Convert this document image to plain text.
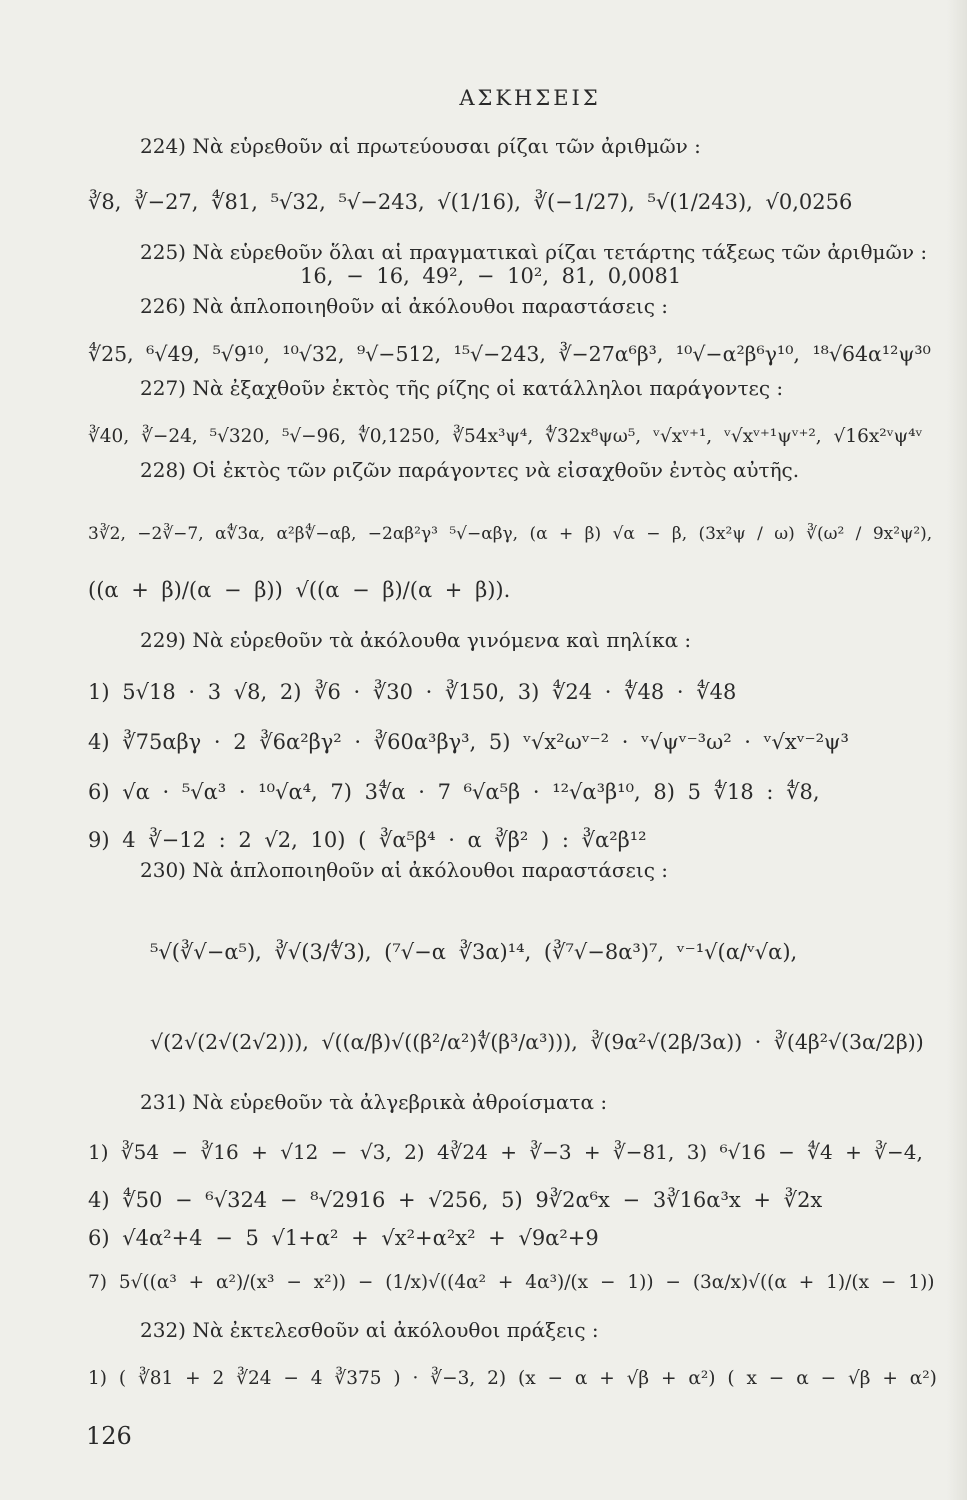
ΑΣΚΗΣΕΙΣ
224) Νὰ εὑρεθοῦν αἱ πρωτεύουσαι ρίζαι τῶν ἀριθμῶν :
∛8, ∛−27, ∜81, ⁵√32, ⁵√−243, √(1/16), ∛(−1/27), ⁵√(1/243), √0,0256
225) Νὰ εὑρεθοῦν ὅλαι αἱ πραγματικαὶ ρίζαι τετάρτης τάξεως τῶν ἀριθμῶν :
16, − 16, 49², − 10², 81, 0,0081
226) Νὰ ἁπλοποιηθοῦν αἱ ἀκόλουθοι παραστάσεις :
∜25, ⁶√49, ⁵√9¹⁰, ¹⁰√32, ⁹√−512, ¹⁵√−243, ∛−27α⁶β³, ¹⁰√−α²β⁶γ¹⁰, ¹⁸√64α¹²ψ³⁰
227) Νὰ ἐξαχθοῦν ἐκτὸς τῆς ρίζης οἱ κατάλληλοι παράγοντες :
∛40, ∛−24, ⁵√320, ⁵√−96, ∜0,1250, ∛54x³ψ⁴, ∜32x⁸ψω⁵, ᵛ√xᵛ⁺¹, ᵛ√xᵛ⁺¹ψᵛ⁺², √16x²ᵛψ⁴ᵛ
228) Οἱ ἐκτὸς τῶν ριζῶν παράγοντες νὰ εἰσαχθοῦν ἐντὸς αὐτῆς.
3∛2, −2∛−7, α∜3α, α²β∜−αβ, −2αβ²γ³ ⁵√−αβγ, (α + β) √α − β, (3x²ψ / ω) ∛(ω² / 9x²ψ²),
((α + β)/(α − β)) √((α − β)/(α + β)).
229) Νὰ εὑρεθοῦν τὰ ἀκόλουθα γινόμενα καὶ πηλίκα :
1) 5√18 · 3 √8, 2) ∛6 · ∛30 · ∛150, 3) ∜24 · ∜48 · ∜48
4) ∛75αβγ · 2 ∛6α²βγ² · ∛60α³βγ³, 5) ᵛ√x²ωᵛ⁻² · ᵛ√ψᵛ⁻³ω² · ᵛ√xᵛ⁻²ψ³
6) √α · ⁵√α³ · ¹⁰√α⁴, 7) 3∜α · 7 ⁶√α⁵β · ¹²√α³β¹⁰, 8) 5 ∜18 : ∜8,
9) 4 ∛−12 : 2 √2, 10) ( ∛α⁵β⁴ · α ∛β² ) : ∛α²β¹²
230) Νὰ ἁπλοποιηθοῦν αἱ ἀκόλουθοι παραστάσεις :
⁵√(∛√−α⁵), ∛√(3/∜3), (⁷√−α ∛3α)¹⁴, (∛⁷√−8α³)⁷, ᵛ⁻¹√(α/ᵛ√α),
√(2√(2√(2√2))), √((α/β)√((β²/α²)∜(β³/α³))), ∛(9α²√(2β/3α)) · ∛(4β²√(3α/2β))
231) Νὰ εὑρεθοῦν τὰ ἀλγεβρικὰ ἀθροίσματα :
1) ∛54 − ∛16 + √12 − √3, 2) 4∛24 + ∛−3 + ∛−81, 3) ⁶√16 − ∜4 + ∛−4,
4) ∜50 − ⁶√324 − ⁸√2916 + √256, 5) 9∛2α⁶x − 3∛16α³x + ∛2x
6) √4α²+4 − 5 √1+α² + √x²+α²x² + √9α²+9
7) 5√((α³ + α²)/(x³ − x²)) − (1/x)√((4α² + 4α³)/(x − 1)) − (3α/x)√((α + 1)/(x − 1))
232) Νὰ ἐκτελεσθοῦν αἱ ἀκόλουθοι πράξεις :
1) ( ∛81 + 2 ∛24 − 4 ∛375 ) · ∛−3, 2) (x − α + √β + α²) ( x − α − √β + α²)
126
